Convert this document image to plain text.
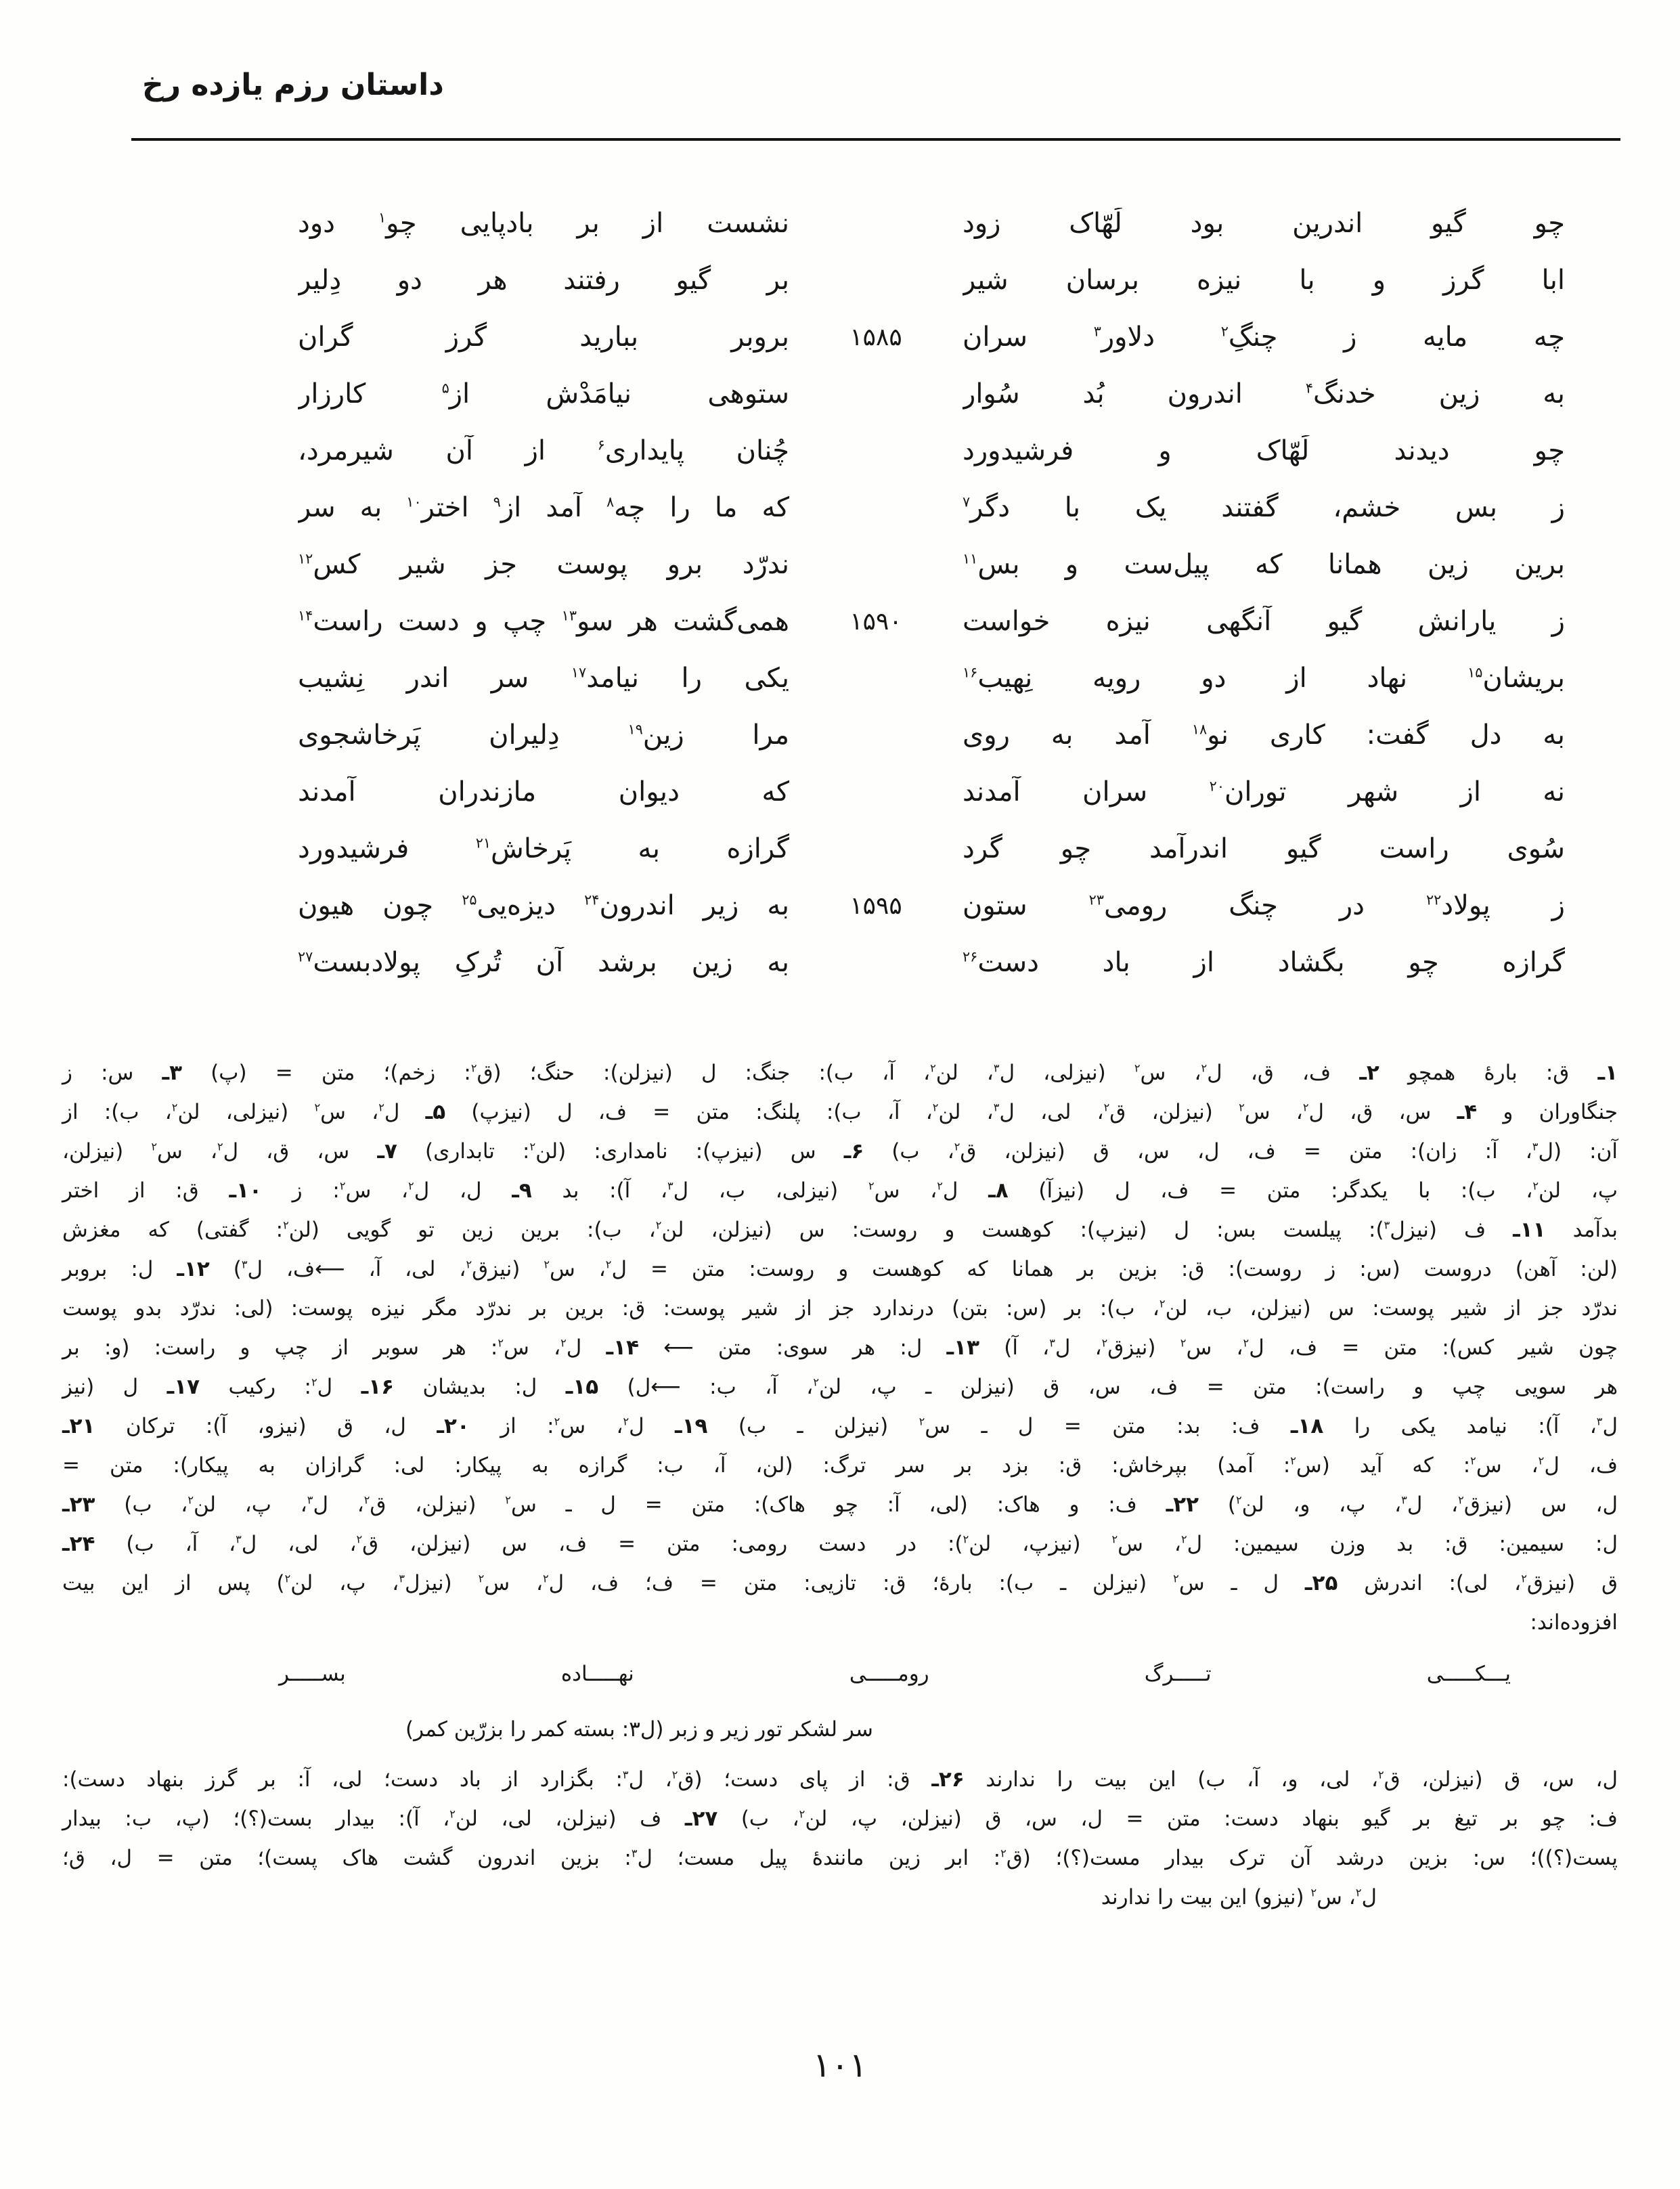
داستان رزم یازده رخ
چو گیو اندرین بود لَهّاک زود
نشست از برِ بادپایی چو$^۱$ دود
ابا گرز و با نیزه برسان شیر
برِ گیو رفتند هر دو دِلیر
چه مایه ز چنگِ$^۲$ دلاور$^۳$ سران
۱۵۸۵
بروبر ببارید گرز گران
به زین خدنگ$^۴$ اندرون بُد سُوار
ستوهی نیامَدْش از$^۵$ کارزار
چو دیدند لَهّاک و فرشیدورد
چُنان پایداری$^۶$ از آن شیرمرد،
ز بس خشم، گفتند یک با دگر$^۷$
که ما را چه$^۸$ آمد از$^۹$ اختر$^{۱۰}$ به سر
برین زین همانا که پیل‌ست و بس$^{۱۱}$
ندرّد برو پوست جز شیر کس$^{۱۲}$
ز یارانش گیو آنگهی نیزه خواست
۱۵۹۰
همی‌گشت هر سو$^{۱۳}$ چپ و دست راست$^{۱۴}$
بریشان$^{۱۵}$ نهاد از دو رویه نِهیب$^{۱۶}$
یکی را نیامد$^{۱۷}$ سر اندر نِشیب
به دل گفت: کاری نو$^{۱۸}$ آمد به روی
مرا زین$^{۱۹}$ دِلیران پَرخاشجوی
نه از شهر توران$^{۲۰}$ سران آمدند
که دیوانِ مازندران آمدند
سُوی راست گیو اندرآمد چو گرد
گرازه به پَرخاشِ$^{۲۱}$ فرشیدورد
ز پولاد$^{۲۲}$ در چنگ رومی$^{۲۳}$ ستون
۱۵۹۵
به زیر اندرون$^{۲۴}$ دیزه‌یی$^{۲۵}$ چون هیون
گرازه چو بگشاد از باد دست$^{۲۶}$
به زین برشد آن تُرکِ پولادبست$^{۲۷}$
۱ـ ق: بارهٔ همچو ۲ـ ف، ق، ل$^۲$، س$^۲$ (نیزلی، ل$^۳$، لن$^۲$، آ، ب): جنگ: ل (نیزلن): حنگ؛ (ق$^۲$: زخم)؛ متن = (پ) ۳ـ س: ز
جنگاوران و ۴ـ س، ق، ل$^۲$، س$^۲$ (نیزلن، ق$^۲$، لی، ل$^۳$، لن$^۲$، آ، ب): پلنگ: متن = ف، ل (نیزپ) ۵ـ ل$^۲$، س$^۲$ (نیزلی، لن$^۲$، ب): از
آن: (ل$^۳$، آ: زان): متن = ف، ل، س، ق (نیزلن، ق$^۲$، ب) ۶ـ س (نیزپ): نامداری: (لن$^۲$: تابداری) ۷ـ س، ق، ل$^۲$، س$^۲$ (نیزلن،
پ، لن$^۲$، ب): با یکدگر: متن = ف، ل (نیزآ) ۸ـ ل$^۲$، س$^۲$ (نیزلی، ب، ل$^۳$، آ): بد ۹ـ ل، ل$^۲$، س$^۲$: ز ۱۰ـ ق: از اختر
بدآمد ۱۱ـ ف (نیزل$^۳$): پیلست بس: ل (نیزپ): کوهست و روست: س (نیزلن، لن$^۲$، ب): برین زین تو گویی (لن$^۲$: گفتی) که مغزش
(لن: آهن) دروست (س: ز روست): ق: بزین بر همانا که کوهست و روست: متن = ل$^۲$، س$^۲$ (نیزق$^۲$، لی، آ، ⟵ف، ل$^۳$) ۱۲ـ ل: بروبر
ندرّد جز از شیر پوست: س (نیزلن، ب، لن$^۲$، ب): بر (س: بتن) درندارد جز از شیر پوست: ق: برین بر ندرّد مگر نیزه پوست: (لی: ندرّد بدو پوست
چون شیر کس): متن = ف، ل$^۲$، س$^۲$ (نیزق$^۲$، ل$^۳$، آ) ۱۳ـ ل: هر سوی: متن ⟵ ۱۴ـ ل$^۲$، س$^۲$: هر سوبر از چپ و راست: (و: بر
هر سویی چپ و راست): متن = ف، س، ق (نیزلن ـ پ، لن$^۲$، آ، ب: ⟵ل) ۱۵ـ ل: بدیشان ۱۶ـ ل$^۲$: رکیب ۱۷ـ ل (نیز
ل$^۳$، آ): نیامد یکی را ۱۸ـ ف: بد: متن = ل ـ س$^۲$ (نیزلن ـ ب) ۱۹ـ ل$^۲$، س$^۲$: از ۲۰ـ ل، ق (نیزو، آ): ترکان ۲۱ـ
ف، ل$^۲$، س$^۲$: که آید (س$^۲$: آمد) بپرخاش: ق: بزد بر سر ترگ: (لن، آ، ب: گرازه به پیکار: لی: گرازان به پیکار): متن =
ل، س (نیزق$^۲$، ل$^۳$، پ، و، لن$^۲$) ۲۲ـ ف: و هاک: (لی، آ: چو هاک): متن = ل ـ س$^۲$ (نیزلن، ق$^۲$، ل$^۳$، پ، لن$^۲$، ب) ۲۳ـ
ل: سیمین: ق: بد وزن سیمین: ل$^۲$، س$^۲$ (نیزپ، لن$^۲$): در دست رومی: متن = ف، س (نیزلن، ق$^۲$، لی، ل$^۳$، آ، ب) ۲۴ـ
ق (نیزق$^۲$، لی): اندرش ۲۵ـ ل ـ س$^۲$ (نیزلن ـ ب): بارهٔ؛ ق: تازیی: متن = ف؛ ف، ل$^۲$، س$^۲$ (نیزل$^۳$، پ، لن$^۲$) پس از این بیت
افزوده‌اند:
یـــکـــــی تـــــرگ رومـــــی نهـــــاده بســـــر
سر لشکر تور زیر و زبر (ل۳: بسته کمر را بزرّین کمر)
ل، س، ق (نیزلن، ق$^۲$، لی، و، آ، ب) این بیت را ندارند ۲۶ـ ق: از پای دست؛ (ق$^۲$، ل$^۳$: بگزارد از باد دست؛ لی، آ: بر گرز بنهاد دست):
ف: چو بر تیغ بر گیو بنهاد دست: متن = ل، س، ق (نیزلن، پ، لن$^۲$، ب) ۲۷ـ ف (نیزلن، لی، لن$^۲$، آ): بیدار بست(؟)؛ (پ، ب: بیدار
پست(؟))؛ س: بزین درشد آن ترک بیدار مست(؟)؛ (ق$^۲$: ابر زین مانندهٔ پیل مست؛ ل$^۳$: بزین اندرون گشت هاک پست)؛ متن = ل، ق؛
ل$^۲$، س$^۲$ (نیزو) این بیت را ندارند
۱۰۱
